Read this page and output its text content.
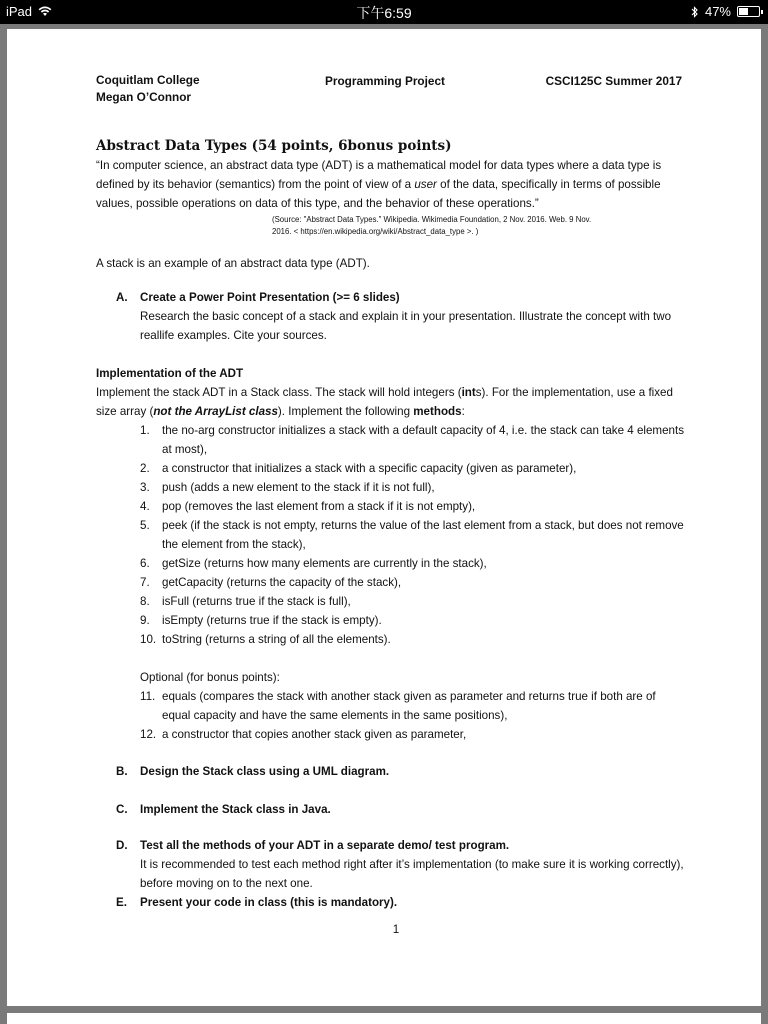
iPad	下午6:59	47%
Coquitlam College
Megan O’Connor
Programming Project	CSCI125C Summer 2017
Abstract Data Types (54 points, 6bonus points)
“In computer science, an abstract data type (ADT) is a mathematical model for data types where a data type is defined by its behavior (semantics) from the point of view of a user of the data, specifically in terms of possible values, possible operations on data of this type, and the behavior of these operations.”
(Source: "Abstract Data Types." Wikipedia. Wikimedia Foundation, 2 Nov. 2016. Web. 9 Nov.
2016. < https://en.wikipedia.org/wiki/Abstract_data_type >. )
A stack is an example of an abstract data type (ADT).
A.	Create a Power Point Presentation (>= 6 slides)
Research the basic concept of a stack and explain it in your presentation. Illustrate the concept with two reallife examples. Cite your sources.
Implementation of the ADT
Implement the stack ADT in a Stack class. The stack will hold integers (ints). For the implementation, use a fixed size array (not the ArrayList class). Implement the following methods:
1.	the no-arg constructor initializes a stack with a default capacity of 4, i.e. the stack can take 4 elements at most),
2.	a constructor that initializes a stack with a specific capacity (given as parameter),
3.	push (adds a new element to the stack if it is not full),
4.	pop (removes the last element from a stack if it is not empty),
5.	peek (if the stack is not empty, returns the value of the last element from a stack, but does not remove the element from the stack),
6.	getSize (returns how many elements are currently in the stack),
7.	getCapacity (returns the capacity of the stack),
8.	isFull (returns true if the stack is full),
9.	isEmpty (returns true if the stack is empty).
10. toString (returns a string of all the elements).
Optional (for bonus points):
11. equals (compares the stack with another stack given as parameter and returns true if both are of equal capacity and have the same elements in the same positions),
12. a constructor that copies another stack given as parameter,
B.	Design the Stack class using a UML diagram.
C.	Implement the Stack class in Java.
D.	Test all the methods of your ADT in a separate demo/ test program.
It is recommended to test each method right after it’s implementation (to make sure it is working correctly), before moving on to the next one.
E.	Present your code in class (this is mandatory).
1
